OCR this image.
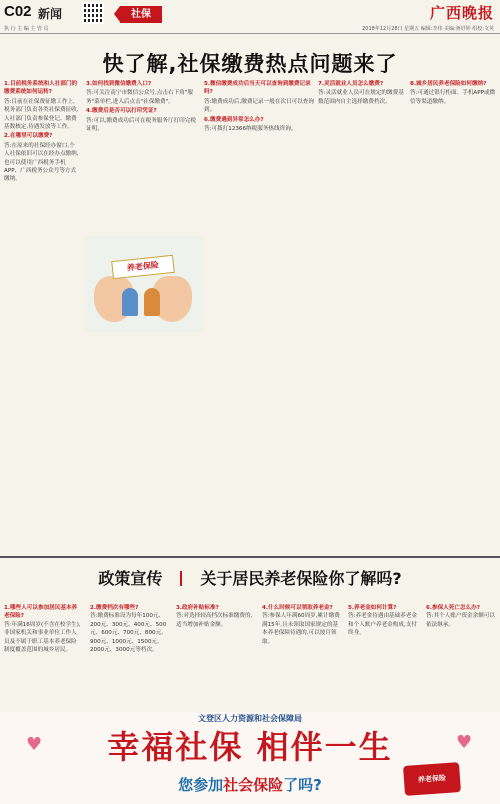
C02 新闻	社保	广西晚报
执 行 主 编 主 管 员	2018年12月28日 星期五 编辑:李伟 美编:蒋妤婷 组校:文英
快了解,社保缴费热点问题来了

1.目前税务系统和人社部门的缴费系统如何运转?

答:目前在社保费征缴工作上,税务部门负责各类社保费征收,人社部门负责参保登记、缴费基数核定,待遇发放等工作。

2.在哪里可以缴费?

答:在原来的社保经办窗口,个人社保依旧可以在经办点缴纳,也可以使用广西税务手机APP、广西税务公众号等方式缴纳。

3.如何找到微信缴费入口?

答:可关注南宁市微信公众号,点击右下角"服务"菜单栏,进入后点击"社保缴费"。

4.缴费后是否可以打印凭证?

答:可以,缴费成功后可在税务服务厅打印完税证明。

养老保险

5.微信缴费成功后当天可以查询到缴费记录吗?

答:缴费成功后,缴费记录一般在次日可以查询到。

6.缴费遇到异常怎么办?

答:可拨打12366纳税服务热线咨询。

7.灵活就业人员怎么缴费?

答:灵活就业人员可在规定的缴费基数范围内自主选择缴费档次。

8.城乡居民养老保险如何缴纳?

答:可通过银行柜面、手机APP或微信等渠道缴纳。

政策宣传 关于居民养老保险你了解吗?

1.哪些人可以参加居民基本养老保险?

答:年满16周岁(不含在校学生),非国家机关和事业单位工作人员及不属于职工基本养老保险制度覆盖范围的城乡居民。

2.缴费档次有哪些?

答:缴费标准设为每年100元、200元、300元、400元、500元、600元、700元、800元、900元、1000元、1500元、2000元、3000元等档次。

3.政府补贴标准?

答:对选择较高档次标准缴费的,适当增加补贴金额。

4.什么时候可以领取养老金?

答:参保人年满60周岁,累计缴费满15年,且未领取国家规定的基本养老保障待遇的,可以按月领取。

5.养老金如何计算?

答:养老金待遇由基础养老金和个人账户养老金构成,支付终身。

6.参保人死亡怎么办?

答:其个人账户资金余额可以依法继承。

文登区人力资源和社会保障局
幸福社保 相伴一生
♥	♥
您参加社会保险了吗?	养老保险
